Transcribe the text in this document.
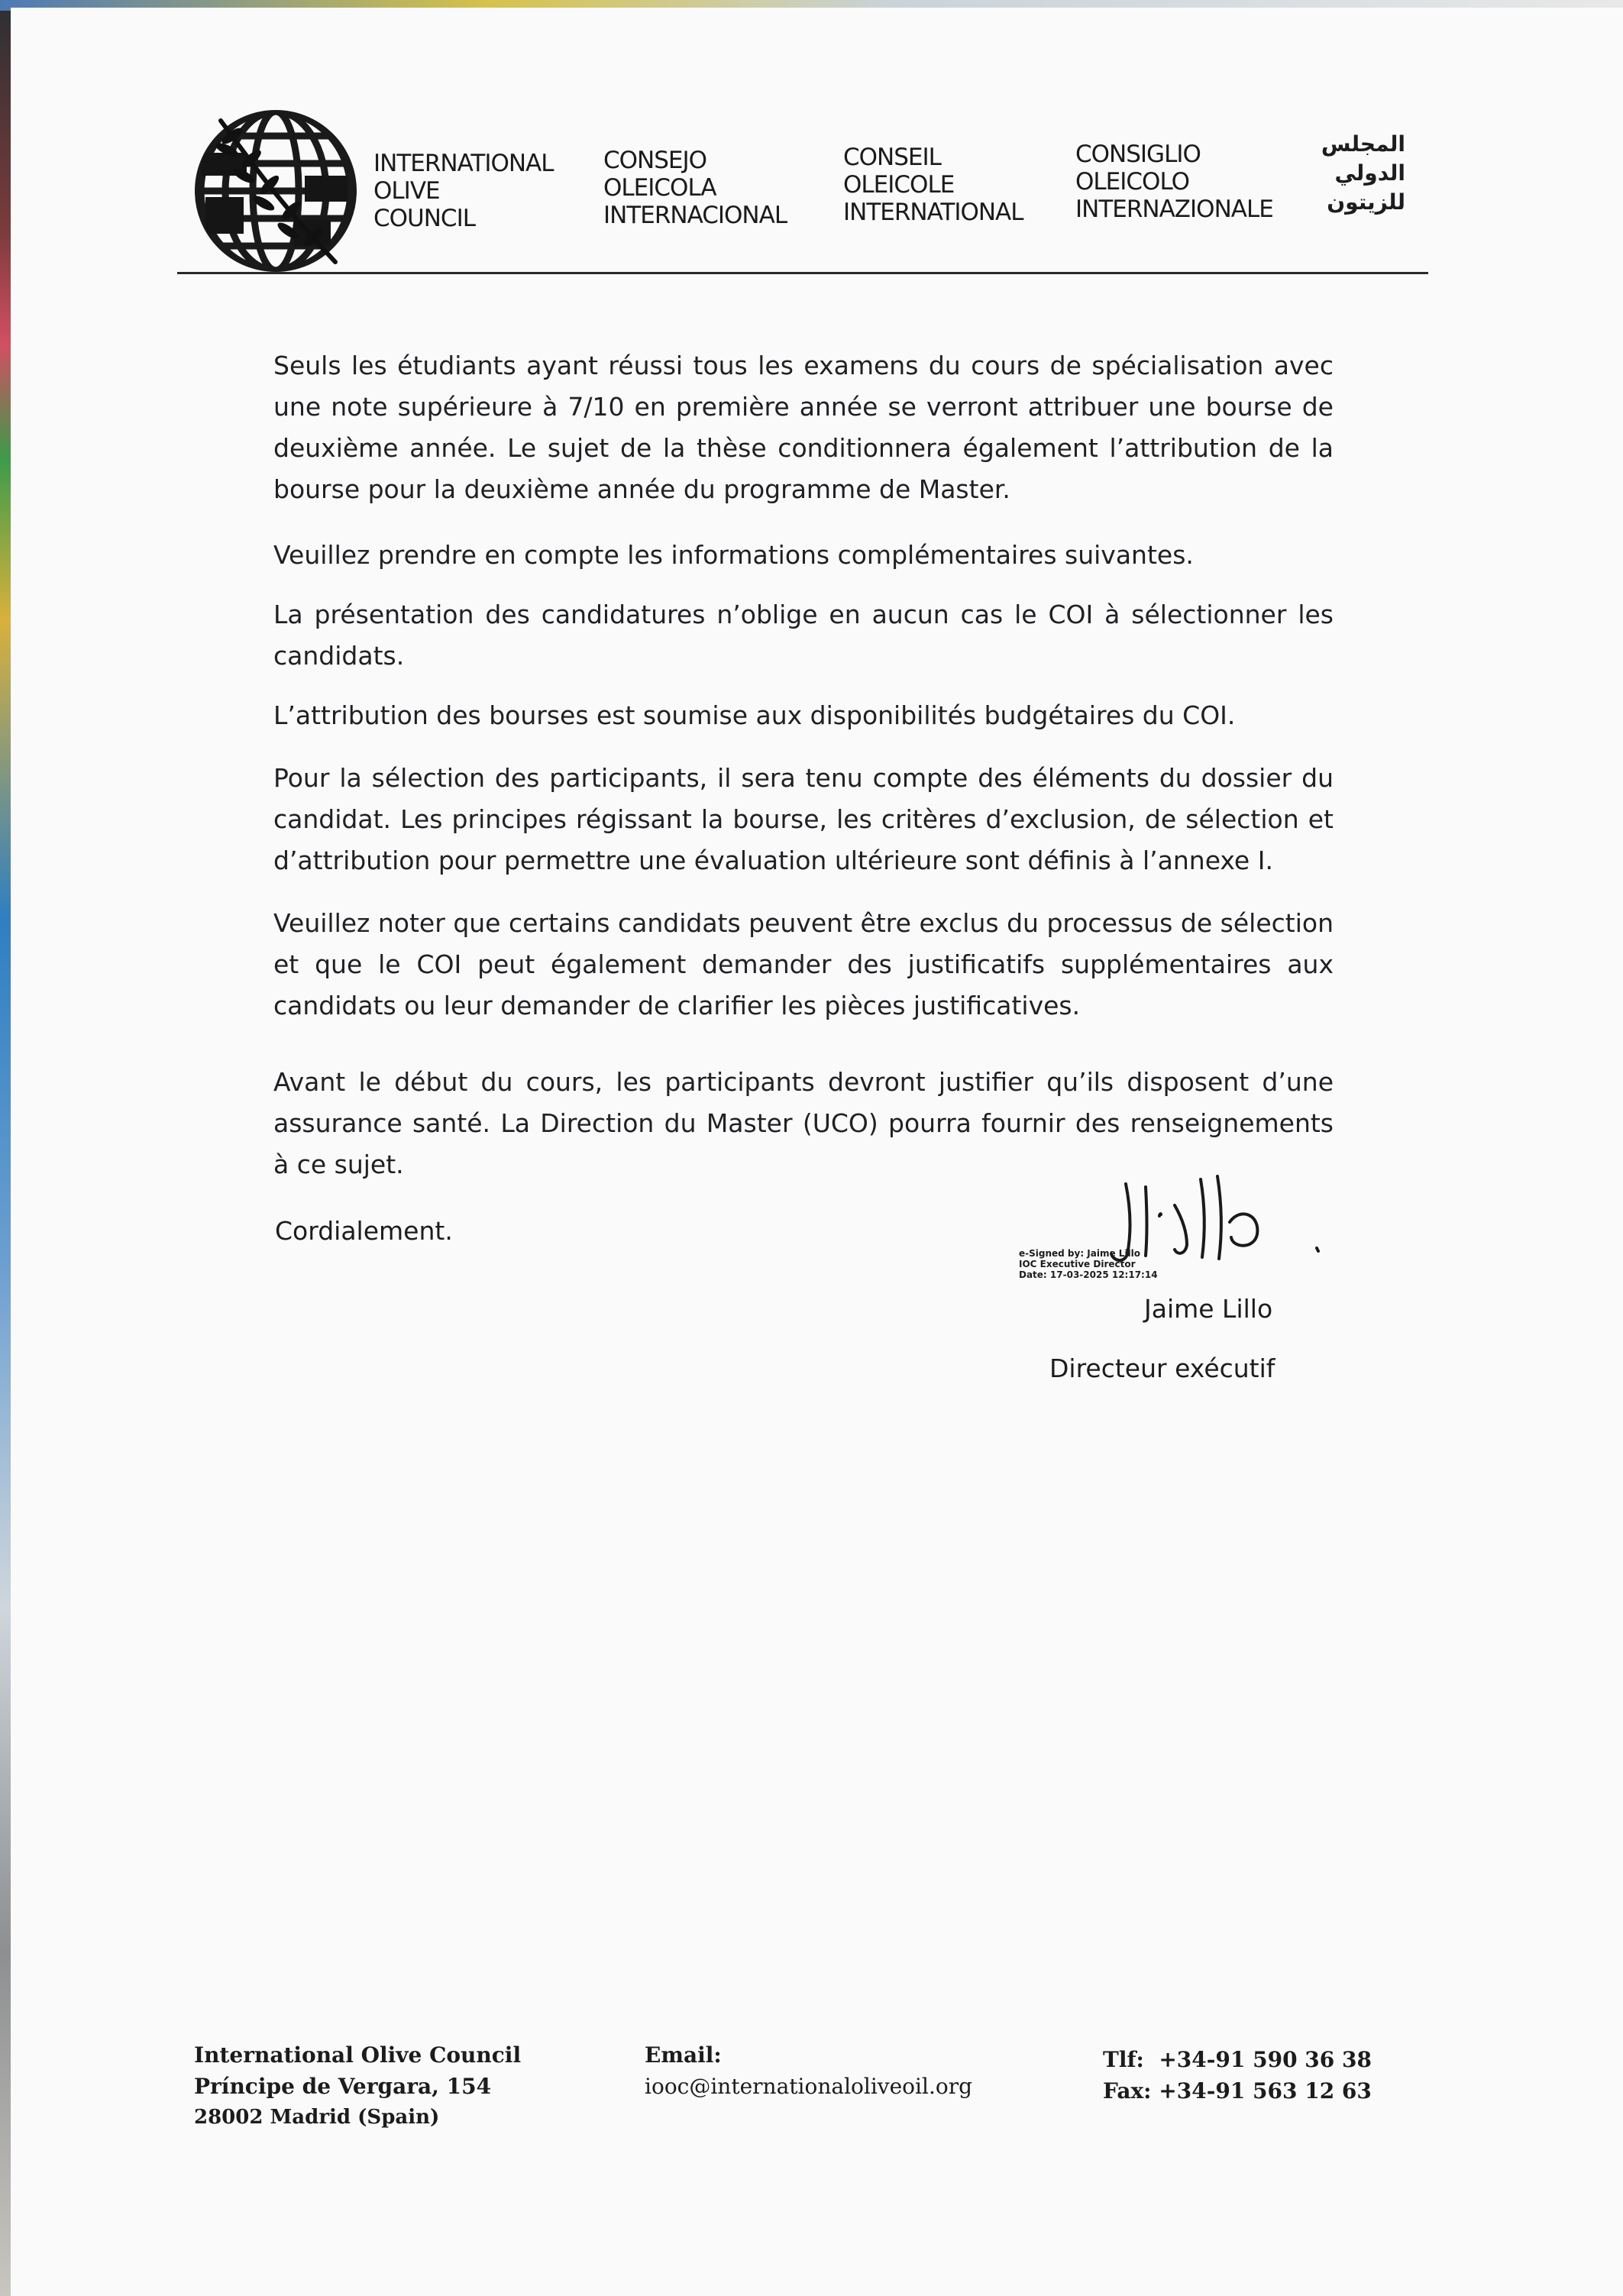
INTERNATIONAL
OLIVE
COUNCIL
CONSEJO
OLEICOLA
INTERNACIONAL
CONSEIL
OLEICOLE
INTERNATIONAL
CONSIGLIO
OLEICOLO
INTERNAZIONALE
المجلس
الدولي
للزيتون

Seuls les étudiants ayant réussi tous les examens du cours de spécialisation avec une note supérieure à 7/10 en première année se verront attribuer une bourse de deuxième année. Le sujet de la thèse conditionnera également l’attribution de la bourse pour la deuxième année du programme de Master.

Veuillez prendre en compte les informations complémentaires suivantes.

La présentation des candidatures n’oblige en aucun cas le COI à sélectionner les candidats.

L’attribution des bourses est soumise aux disponibilités budgétaires du COI.

Pour la sélection des participants, il sera tenu compte des éléments du dossier du candidat. Les principes régissant la bourse, les critères d’exclusion, de sélection et d’attribution pour permettre une évaluation ultérieure sont définis à l’annexe I.

Veuillez noter que certains candidats peuvent être exclus du processus de sélection et que le COI peut également demander des justificatifs supplémentaires aux candidats ou leur demander de clarifier les pièces justificatives.

Avant le début du cours, les participants devront justifier qu’ils disposent d’une assurance santé. La Direction du Master (UCO) pourra fournir des renseignements à ce sujet.

Cordialement.
e-Signed by: Jaime Lillo
IOC Executive Director
Date: 17-03-2025 12:17:14
Jaime Lillo
Directeur exécutif
International Olive Council
Príncipe de Vergara, 154
28002 Madrid (Spain)
Email:
iooc@internationaloliveoil.org
Tlf:  +34-91 590 36 38
Fax: +34-91 563 12 63
